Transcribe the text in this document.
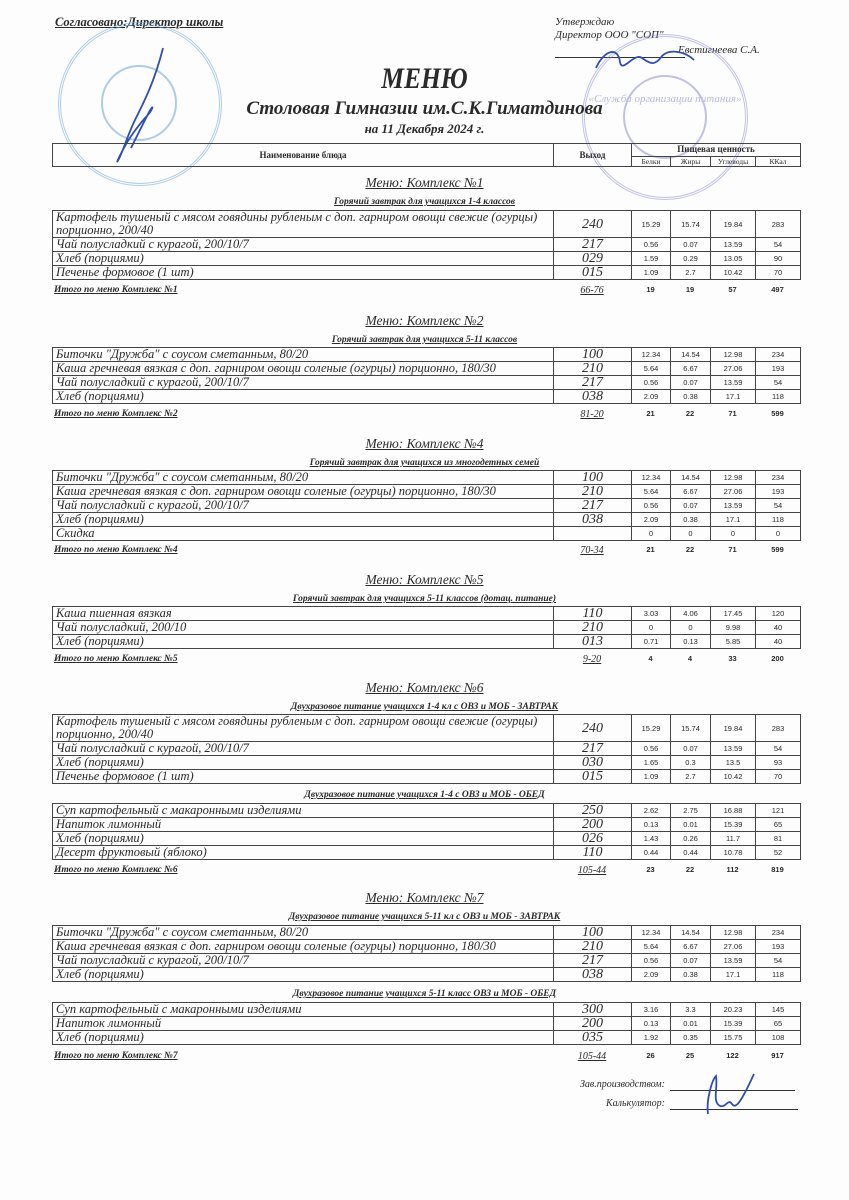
Согласовано:Директор школы	Утверждаю
Директор ООО "СОП"
Евстигнеева С.А.
«Служба организации питания»
МЕНЮ
Столовая Гимназии им.С.К.Гиматдинова
на 11 Декабря 2024 г.
Наименование блюда	Выход	Пищевая ценность			
		Белки	Жиры	Углеводы	ККал
Меню: Комплекс №1
Горячий завтрак для учащихся 1-4 классов
Картофель тушеный с мясом говядины рубленым с доп. гарниром овощи свежие (огурцы) порционно, 200/40	240	15.29	15.74	19.84	283
Чай полусладкий с курагой, 200/10/7	217	0.56	0.07	13.59	54
Хлеб (порциями)	029	1.59	0.29	13.05	90
Печенье формовое (1 шт)	015	1.09	2.7	10.42	70
Итого по меню Комплекс №1	66-76	19	19	57	497
Меню: Комплекс №2
Горячий завтрак для учащихся 5-11 классов
Биточки "Дружба" с соусом сметанным, 80/20	100	12.34	14.54	12.98	234
Каша гречневая вязкая с доп. гарниром овощи соленые (огурцы) порционно, 180/30	210	5.64	6.67	27.06	193
Чай полусладкий с курагой, 200/10/7	217	0.56	0.07	13.59	54
Хлеб (порциями)	038	2.09	0.38	17.1	118
Итого по меню Комплекс №2	81-20	21	22	71	599
Меню: Комплекс №4
Горячий завтрак для учащихся из многодетных семей
Биточки "Дружба" с соусом сметанным, 80/20	100	12.34	14.54	12.98	234
Каша гречневая вязкая с доп. гарниром овощи соленые (огурцы) порционно, 180/30	210	5.64	6.67	27.06	193
Чай полусладкий с курагой, 200/10/7	217	0.56	0.07	13.59	54
Хлеб (порциями)	038	2.09	0.38	17.1	118
Скидка		0	0	0	0
Итого по меню Комплекс №4	70-34	21	22	71	599
Меню: Комплекс №5
Горячий завтрак для учащихся 5-11 классов (дотац. питание)
Каша пшенная вязкая	110	3.03	4.06	17.45	120
Чай полусладкий, 200/10	210	0	0	9.98	40
Хлеб (порциями)	013	0.71	0.13	5.85	40
Итого по меню Комплекс №5	9-20	4	4	33	200
Меню: Комплекс №6
Двухразовое питание учащихся 1-4 кл с ОВЗ и МОБ - ЗАВТРАК
Картофель тушеный с мясом говядины рубленым с доп. гарниром овощи свежие (огурцы) порционно, 200/40	240	15.29	15.74	19.84	283
Чай полусладкий с курагой, 200/10/7	217	0.56	0.07	13.59	54
Хлеб (порциями)	030	1.65	0.3	13.5	93
Печенье формовое (1 шт)	015	1.09	2.7	10.42	70
Двухразовое питание учащихся 1-4 с ОВЗ и МОБ - ОБЕД
Суп картофельный с макаронными изделиями	250	2.62	2.75	16.88	121
Напиток лимонный	200	0.13	0.01	15.39	65
Хлеб (порциями)	026	1.43	0.26	11.7	81
Десерт фруктовый (яблоко)	110	0.44	0.44	10.78	52
Итого по меню Комплекс №6	105-44	23	22	112	819
Меню: Комплекс №7
Двухразовое питание учащихся 5-11 кл с ОВЗ и МОБ - ЗАВТРАК
Биточки "Дружба" с соусом сметанным, 80/20	100	12.34	14.54	12.98	234
Каша гречневая вязкая с доп. гарниром овощи соленые (огурцы) порционно, 180/30	210	5.64	6.67	27.06	193
Чай полусладкий с курагой, 200/10/7	217	0.56	0.07	13.59	54
Хлеб (порциями)	038	2.09	0.38	17.1	118
Двухразовое питание учащихся 5-11 класс ОВЗ и МОБ - ОБЕД
Суп картофельный с макаронными изделиями	300	3.16	3.3	20.23	145
Напиток лимонный	200	0.13	0.01	15.39	65
Хлеб (порциями)	035	1.92	0.35	15.75	108
Итого по меню Комплекс №7	105-44	26	25	122	917
Зав.производством:
Калькулятор:
